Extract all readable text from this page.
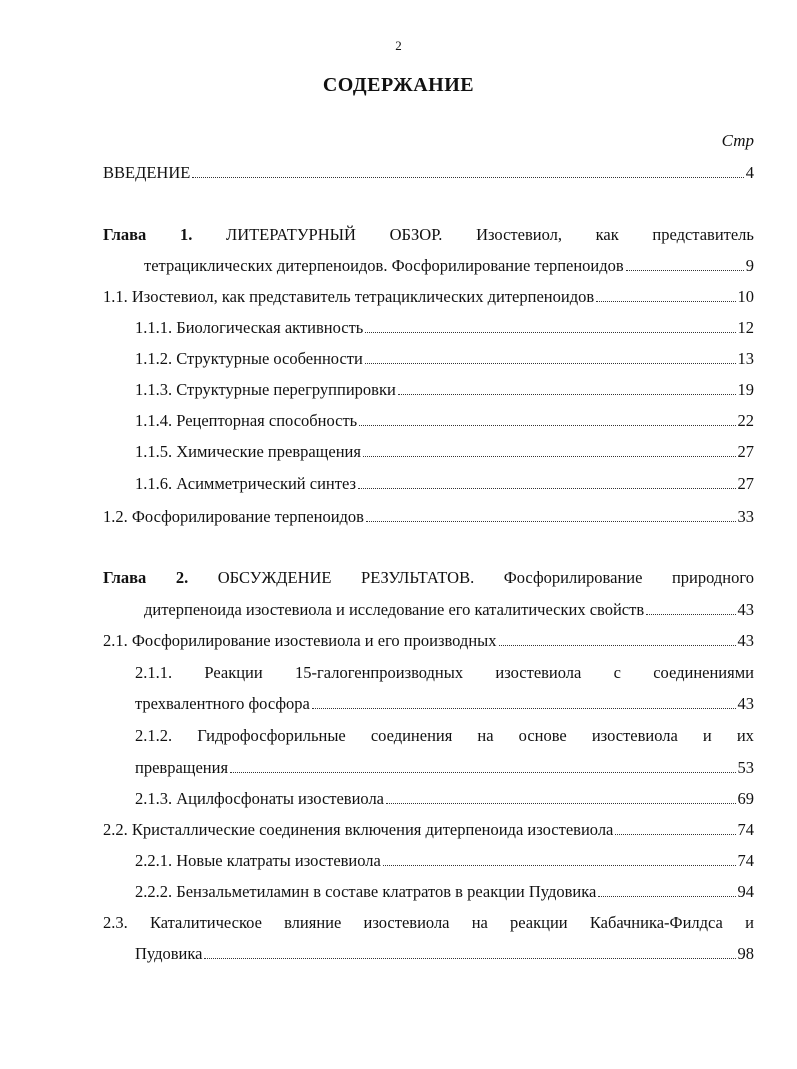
2
СОДЕРЖАНИЕ
Стр
ВВЕДЕНИЕ	4
Глава 1. ЛИТЕРАТУРНЫЙ ОБЗОР. Изостевиол, как представитель
тетрациклических дитерпеноидов. Фосфорилирование терпеноидов	9
1.1. Изостевиол, как представитель тетрациклических дитерпеноидов	10
1.1.1. Биологическая активность	12
1.1.2. Структурные особенности	13
1.1.3. Структурные перегруппировки	19
1.1.4. Рецепторная способность	22
1.1.5. Химические превращения	27
1.1.6. Асимметрический синтез	27
1.2. Фосфорилирование терпеноидов	33
Глава 2. ОБСУЖДЕНИЕ РЕЗУЛЬТАТОВ. Фосфорилирование природного
дитерпеноида изостевиола и исследование его каталитических свойств	43
2.1. Фосфорилирование изостевиола и его производных	43
2.1.1. Реакции 15-галогенпроизводных изостевиола с соединениями
трехвалентного фосфора	43
2.1.2. Гидрофосфорильные соединения на основе изостевиола и их
превращения	53
2.1.3. Ацилфосфонаты изостевиола	69
2.2. Кристаллические соединения включения дитерпеноида изостевиола	74
2.2.1. Новые клатраты изостевиола	74
2.2.2. Бензальметиламин в составе клатратов в реакции Пудовика	94
2.3. Каталитическое влияние изостевиола на реакции Кабачника-Филдса и
Пудовика	98
